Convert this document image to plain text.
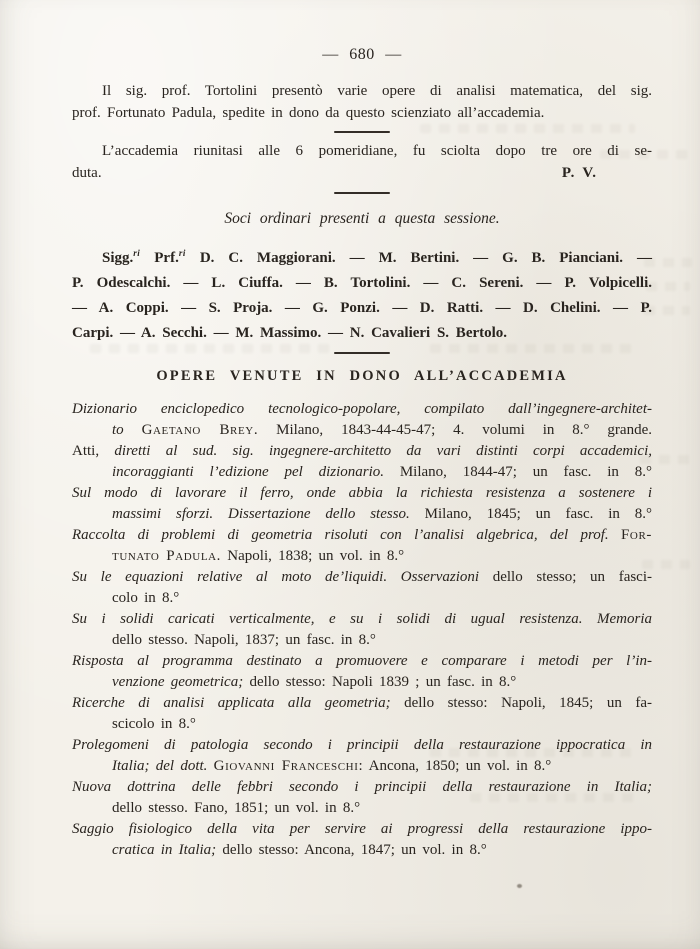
— 680 —
Il sig. prof. Tortolini presentò varie opere di analisi matematica, del sig.
prof. Fortunato Padula, spedite in dono da questo scienziato all’accademia.
L’accademia riunitasi alle 6 pomeridiane, fu sciolta dopo tre ore di se-
duta.	P. V.
Soci ordinari presenti a questa sessione.
Sigg.$^{ri}$ Prf.$^{ri}$ D. C. Maggiorani. — M. Bertini. — G. B. Pianciani. —
P. Odescalchi. — L. Ciuffa. — B. Tortolini. — C. Sereni. — P. Volpicelli.
— A. Coppi. — S. Proja. — G. Ponzi. — D. Ratti. — D. Chelini. — P.
Carpi. — A. Secchi. — M. Massimo. — N. Cavalieri S. Bertolo.
OPERE VENUTE IN DONO ALL’ACCADEMIA
Dizionario enciclopedico tecnologico-popolare, compilato dall’ingegnere-architet-
to Gaetano Brey. Milano, 1843-44-45-47; 4. volumi in 8.° grande.
Atti, diretti al sud. sig. ingegnere-architetto da vari distinti corpi accademici,
incoraggianti l’edizione pel dizionario. Milano, 1844-47; un fasc. in 8.°
Sul modo di lavorare il ferro, onde abbia la richiesta resistenza a sostenere i
massimi sforzi. Dissertazione dello stesso. Milano, 1845; un fasc. in 8.°
Raccolta di problemi di geometria risoluti con l’analisi algebrica, del prof. For-
tunato Padula. Napoli, 1838; un vol. in 8.°
Su le equazioni relative al moto de’liquidi. Osservazioni dello stesso; un fasci-
colo in 8.°
Su i solidi caricati verticalmente, e su i solidi di ugual resistenza. Memoria
dello stesso. Napoli, 1837; un fasc. in 8.°
Risposta al programma destinato a promuovere e comparare i metodi per l’in-
venzione geometrica; dello stesso: Napoli 1839 ; un fasc. in 8.°
Ricerche di analisi applicata alla geometria; dello stesso: Napoli, 1845; un fa-
scicolo in 8.°
Prolegomeni di patologia secondo i principii della restaurazione ippocratica in
Italia; del dott. Giovanni Franceschi: Ancona, 1850; un vol. in 8.°
Nuova dottrina delle febbri secondo i principii della restaurazione in Italia;
dello stesso. Fano, 1851; un vol. in 8.°
Saggio fisiologico della vita per servire ai progressi della restaurazione ippo-
cratica in Italia; dello stesso: Ancona, 1847; un vol. in 8.°
